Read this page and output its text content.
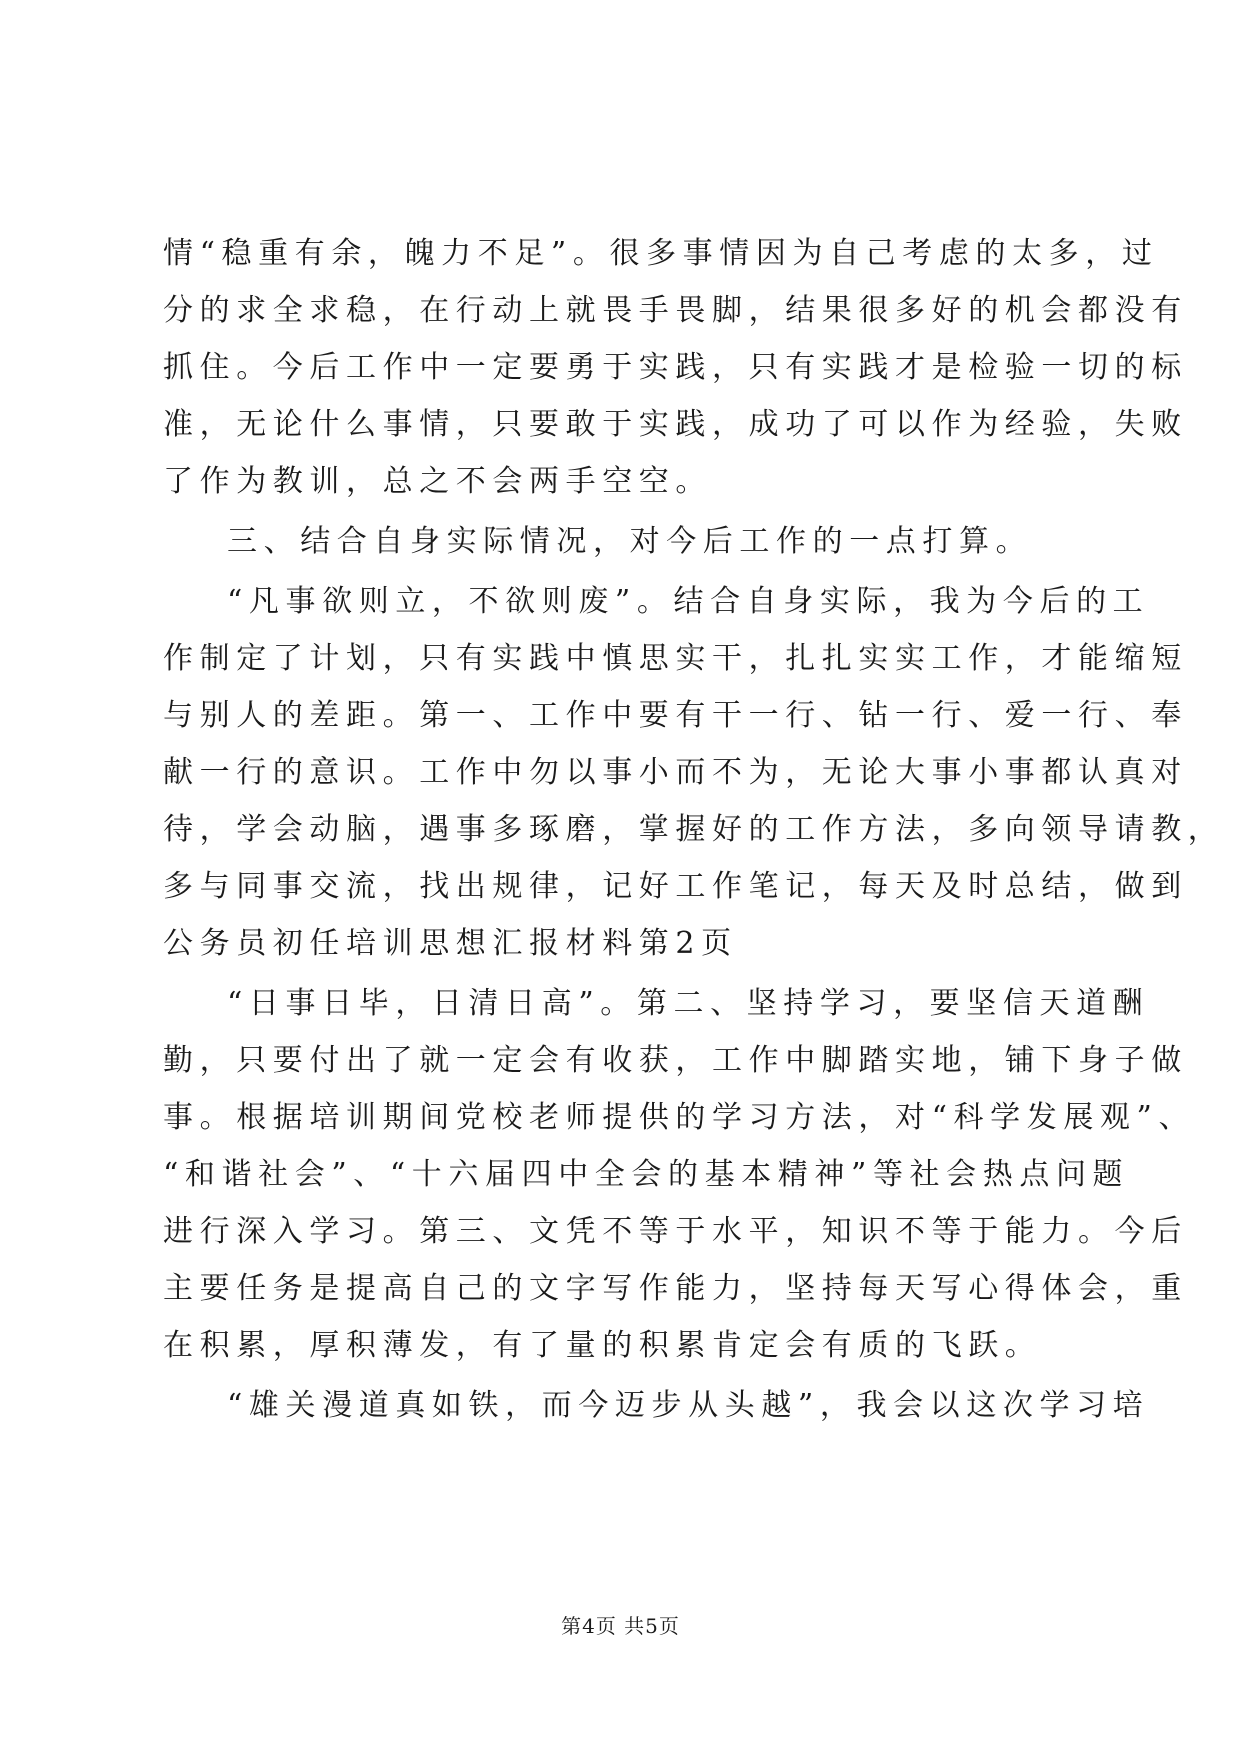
情“稳重有余，魄力不足”。很多事情因为自己考虑的太多，过
分的求全求稳，在行动上就畏手畏脚，结果很多好的机会都没有
抓住。今后工作中一定要勇于实践，只有实践才是检验一切的标
准，无论什么事情，只要敢于实践，成功了可以作为经验，失败
了作为教训，总之不会两手空空。
三、结合自身实际情况，对今后工作的一点打算。
“凡事欲则立，不欲则废”。结合自身实际，我为今后的工
作制定了计划，只有实践中慎思实干，扎扎实实工作，才能缩短
与别人的差距。第一、工作中要有干一行、钻一行、爱一行、奉
献一行的意识。工作中勿以事小而不为，无论大事小事都认真对
待，学会动脑，遇事多琢磨，掌握好的工作方法，多向领导请教，
多与同事交流，找出规律，记好工作笔记，每天及时总结，做到
公务员初任培训思想汇报材料第2页
“日事日毕，日清日高”。第二、坚持学习，要坚信天道酬
勤，只要付出了就一定会有收获，工作中脚踏实地，铺下身子做
事。根据培训期间党校老师提供的学习方法，对“科学发展观”、
“和谐社会”、“十六届四中全会的基本精神”等社会热点问题
进行深入学习。第三、文凭不等于水平，知识不等于能力。今后
主要任务是提高自己的文字写作能力，坚持每天写心得体会，重
在积累，厚积薄发，有了量的积累肯定会有质的飞跃。
“雄关漫道真如铁，而今迈步从头越”，我会以这次学习培
第4页 共5页
